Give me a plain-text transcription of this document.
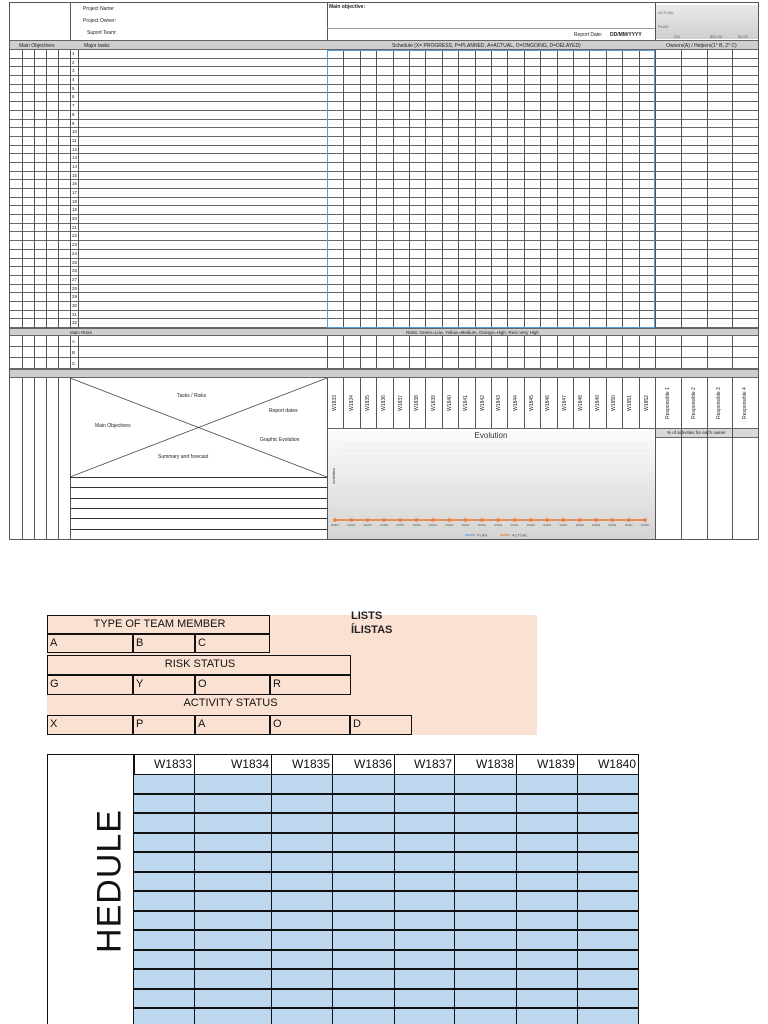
Project Name:
Project Owner:
Suport Team:
Main objective:
Report Date: DD/MM/YYYY
ACTUAL
PLAN
0%	$50.00	$1.00
Main Objectives	Major tasks	Schedule (X= PROGRESS, P=PLANNED, A=ACTUAL, O=ONGOING, D=DELAYED)	Owners(A) / Helpers(1° B, 2° C)
1
2
3
4
5
6
7
8
9
10
11
12
13
14
15
16
17
18
19
20
21
22
23
24
25
26
27
28
29
30
31
32
Main Risks	Risks: Green=Low, Yellow=Medium, Orange=High, Red=Very High
A
B
C
Tasks / Risks
Report dates
Main Objectives
Graphic Evolution
Summary and forecast
W1833 W1834 W1835 W1836 W1837 W1838 W1839 W1840 W1841 W1842 W1843 W1844 W1845 W1846 W1847 W1848 W1849 W1850 W1851 W1852	Responsible 1	Responsible 2	Responsible 3	Responsible 4
Evolution
Activities
W1833	W1834	W1835	W1836	W1837	W1838	W1839	W1840	W1841	W1842	W1843	W1844	W1845	W1846	W1847	W1848	W1849	W1850	W1851	W1852
PLAN	ACTUAL
% of activities for each owner
LISTS
ÍLISTAS
TYPE OF TEAM MEMBER
A	B	C
RISK STATUS
G	Y	O	R
ACTIVITY STATUS
X	P	A	O	D
HEDULE
W1833	W1834	W1835	W1836	W1837	W1838	W1839	W1840
